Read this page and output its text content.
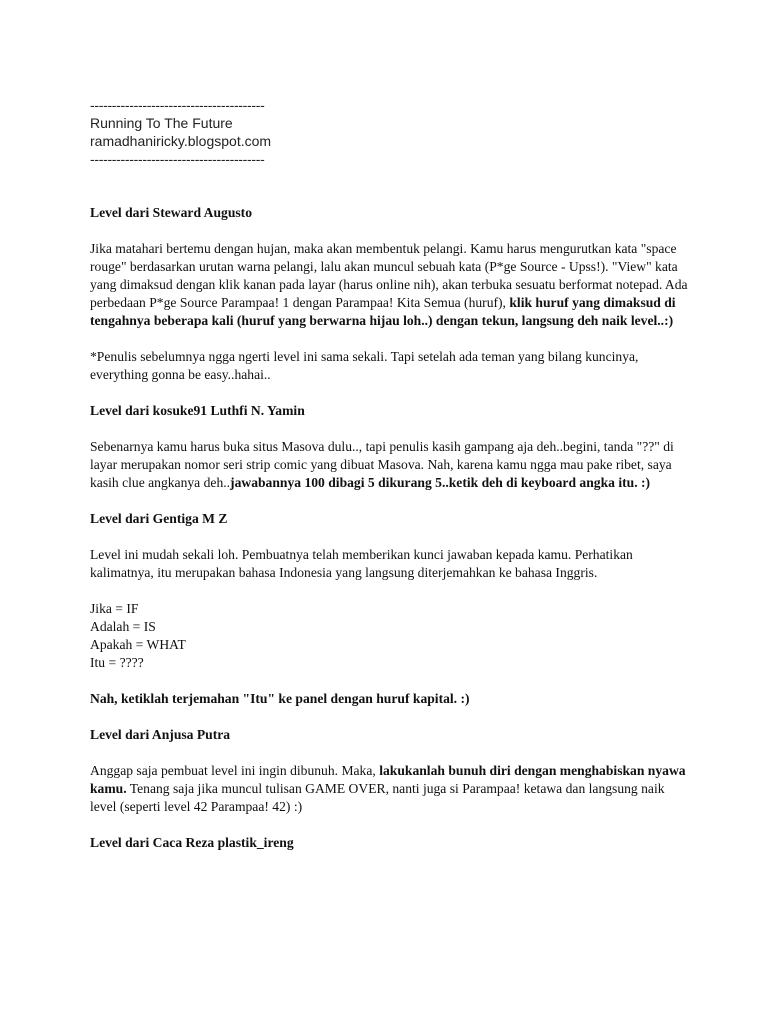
----------------------------------------
Running To The Future
ramadhaniricky.blogspot.com
----------------------------------------

Level dari Steward Augusto

Jika matahari bertemu dengan hujan, maka akan membentuk pelangi. Kamu harus mengurutkan kata "space rouge" berdasarkan urutan warna pelangi, lalu akan muncul sebuah kata (P*ge Source - Upss!). "View" kata yang dimaksud dengan klik kanan pada layar (harus online nih), akan terbuka sesuatu berformat notepad. Ada perbedaan P*ge Source Parampaa! 1 dengan Parampaa! Kita Semua (huruf), klik huruf yang dimaksud di tengahnya beberapa kali (huruf yang berwarna hijau loh..) dengan tekun, langsung deh naik level..:)

*Penulis sebelumnya ngga ngerti level ini sama sekali. Tapi setelah ada teman yang bilang kuncinya, everything gonna be easy..hahai..

Level dari kosuke91 Luthfi N. Yamin

Sebenarnya kamu harus buka situs Masova dulu.., tapi penulis kasih gampang aja deh..begini, tanda "??" di layar merupakan nomor seri strip comic yang dibuat Masova. Nah, karena kamu ngga mau pake ribet, saya kasih clue angkanya deh..jawabannya 100 dibagi 5 dikurang 5..ketik deh di keyboard angka itu. :)

Level dari Gentiga M Z

Level ini mudah sekali loh. Pembuatnya telah memberikan kunci jawaban kepada kamu. Perhatikan kalimatnya, itu merupakan bahasa Indonesia yang langsung diterjemahkan ke bahasa Inggris.

Jika = IF
Adalah = IS
Apakah = WHAT
Itu = ????

Nah, ketiklah terjemahan "Itu" ke panel dengan huruf kapital. :)

Level dari Anjusa Putra

Anggap saja pembuat level ini ingin dibunuh. Maka, lakukanlah bunuh diri dengan menghabiskan nyawa kamu. Tenang saja jika muncul tulisan GAME OVER, nanti juga si Parampaa! ketawa dan langsung naik level (seperti level 42 Parampaa! 42) :)

Level dari Caca Reza plastik_ireng
